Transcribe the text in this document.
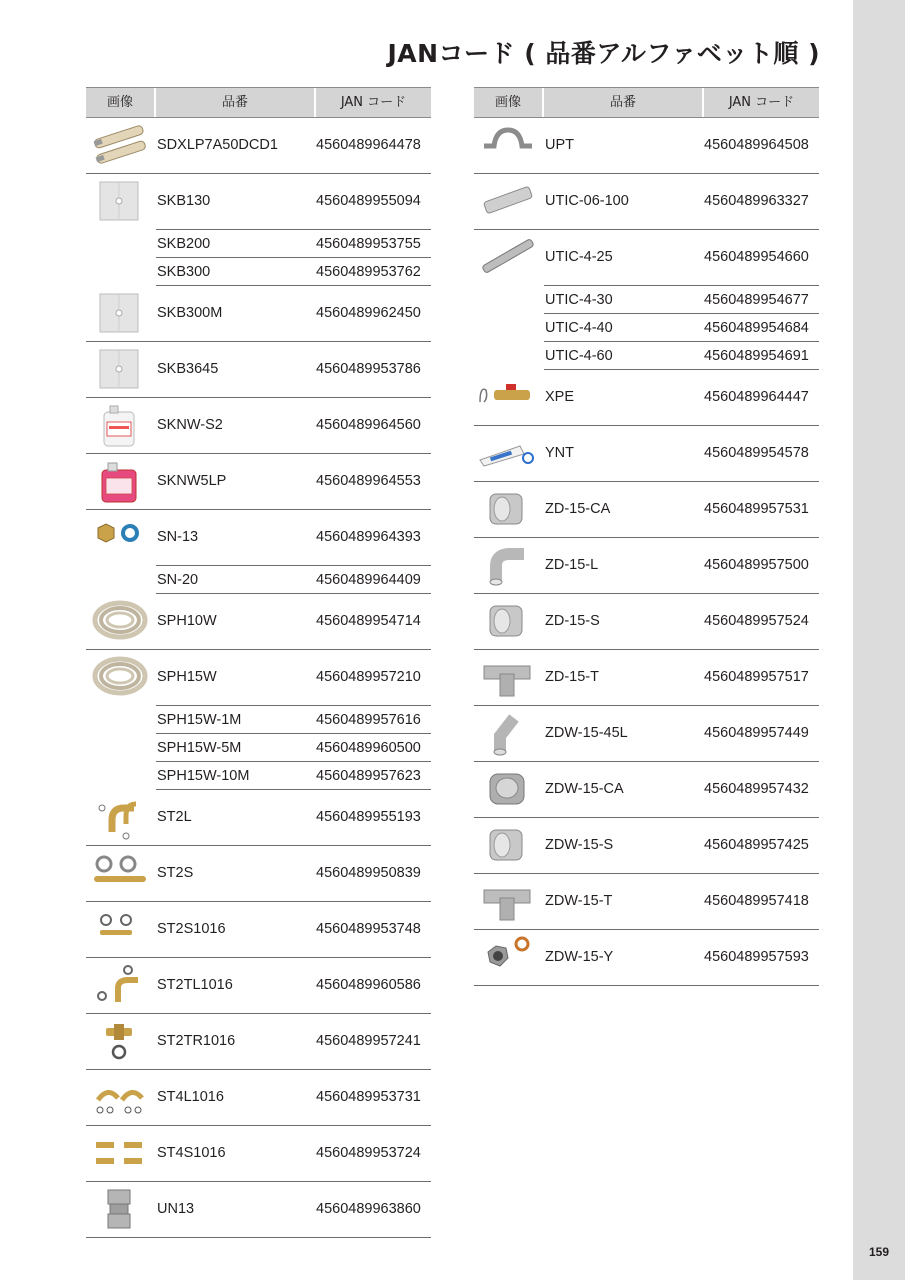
159
JANコード ( 品番アルファベット順 )
画像	品番	JAN コード
SDXLP7A50DCD1	4560489964478
SKB130	4560489955094
SKB200	4560489953755
SKB300	4560489953762
SKB300M	4560489962450
SKB3645	4560489953786
SKNW-S2	4560489964560
SKNW5LP	4560489964553
SN-13	4560489964393
SN-20	4560489964409
SPH10W	4560489954714
SPH15W	4560489957210
SPH15W-1M	4560489957616
SPH15W-5M	4560489960500
SPH15W-10M	4560489957623
ST2L	4560489955193
ST2S	4560489950839
ST2S1016	4560489953748
ST2TL1016	4560489960586
ST2TR1016	4560489957241
ST4L1016	4560489953731
ST4S1016	4560489953724
UN13	4560489963860
画像	品番	JAN コード
UPT	4560489964508
UTIC-06-100	4560489963327
UTIC-4-25	4560489954660
UTIC-4-30	4560489954677
UTIC-4-40	4560489954684
UTIC-4-60	4560489954691
XPE	4560489964447
YNT	4560489954578
ZD-15-CA	4560489957531
ZD-15-L	4560489957500
ZD-15-S	4560489957524
ZD-15-T	4560489957517
ZDW-15-45L	4560489957449
ZDW-15-CA	4560489957432
ZDW-15-S	4560489957425
ZDW-15-T	4560489957418
ZDW-15-Y	4560489957593
